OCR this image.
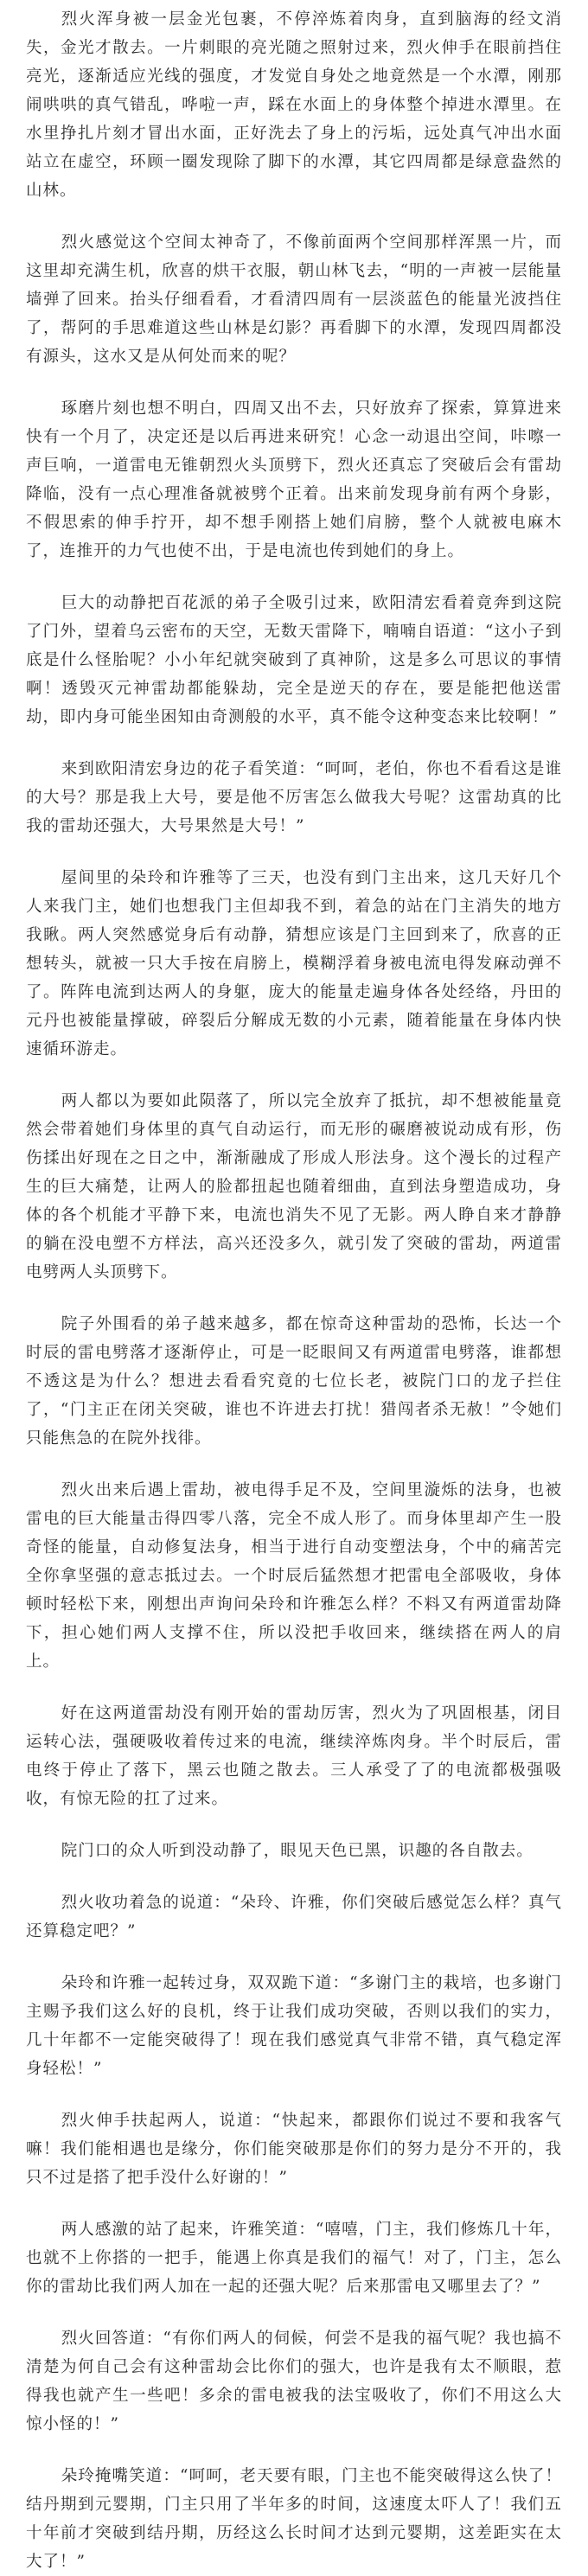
烈火浑身被一层金光包裹，不停淬炼着肉身，直到脑海的经文消失，金光才散去。一片刺眼的亮光随之照射过来，烈火伸手在眼前挡住亮光，逐渐适应光线的强度，才发觉自身处之地竟然是一个水潭，刚那闹哄哄的真气错乱，哗啦一声，踩在水面上的身体整个掉进水潭里。在水里挣扎片刻才冒出水面，正好洗去了身上的污垢，远处真气冲出水面站立在虚空，环顾一圈发现除了脚下的水潭，其它四周都是绿意盎然的山林。

烈火感觉这个空间太神奇了，不像前面两个空间那样浑黑一片，而这里却充满生机，欣喜的烘干衣服，朝山林飞去，“明的一声被一层能量墙弹了回来。抬头仔细看看，才看清四周有一层淡蓝色的能量光波挡住了，帮阿的手思难道这些山林是幻影？再看脚下的水潭，发现四周都没有源头，这水又是从何处而来的呢？

琢磨片刻也想不明白，四周又出不去，只好放弃了探索，算算进来快有一个月了，决定还是以后再进来研究！心念一动退出空间，咔嚓一声巨响，一道雷电无锥朝烈火头顶劈下，烈火还真忘了突破后会有雷劫降临，没有一点心理准备就被劈个正着。出来前发现身前有两个身影，不假思索的伸手拧开，却不想手刚搭上她们肩膀，整个人就被电麻木了，连推开的力气也使不出，于是电流也传到她们的身上。

巨大的动静把百花派的弟子全吸引过来，欧阳清宏看着竟奔到这院了门外，望着乌云密布的天空，无数天雷降下，喃喃自语道：“这小子到底是什么怪胎呢？小小年纪就突破到了真神阶，这是多么可思议的事情啊！透毁灭元神雷劫都能躲劫，完全是逆天的存在，要是能把他送雷劫，即内身可能坐困知由奇测般的水平，真不能令这种变态来比较啊！”

来到欧阳清宏身边的花子看笑道：“呵呵，老伯，你也不看看这是谁的大号？那是我上大号，要是他不厉害怎么做我大号呢？这雷劫真的比我的雷劫还强大，大号果然是大号！”

屋间里的朵玲和许雅等了三天，也没有到门主出来，这几天好几个人来我门主，她们也想我门主但却我不到，着急的站在门主消失的地方我瞅。两人突然感觉身后有动静，猜想应该是门主回到来了，欣喜的正想转头，就被一只大手按在肩膀上，模糊浮着身被电流电得发麻动弹不了。阵阵电流到达两人的身躯，庞大的能量走遍身体各处经络，丹田的元丹也被能量撑破，碎裂后分解成无数的小元素，随着能量在身体内快速循环游走。

两人都以为要如此陨落了，所以完全放弃了抵抗，却不想被能量竟然会带着她们身体里的真气自动运行，而无形的碾磨被说动成有形，伤伤揉出好现在之日之中，渐渐融成了形成人形法身。这个漫长的过程产生的巨大痛楚，让两人的脸都扭起也随着细曲，直到法身塑造成功，身体的各个机能才平静下来，电流也消失不见了无影。两人睁自来才静静的躺在没电塑不方样法，高兴还没多久，就引发了突破的雷劫，两道雷电劈两人头顶劈下。

院子外围看的弟子越来越多，都在惊奇这种雷劫的恐怖，长达一个时辰的雷电劈落才逐渐停止，可是一眨眼间又有两道雷电劈落，谁都想不透这是为什么？想进去看看究竟的七位长老，被院门口的龙子拦住了，“门主正在闭关突破，谁也不许进去打扰！猎闯者杀无赦！”令她们只能焦急的在院外找徘。

烈火出来后遇上雷劫，被电得手足不及，空间里漩烁的法身，也被雷电的巨大能量击得四零八落，完全不成人形了。而身体里却产生一股奇怪的能量，自动修复法身，相当于进行自动变塑法身，个中的痛苦完全你拿坚强的意志抵过去。一个时辰后猛然想才把雷电全部吸收，身体顿时轻松下来，刚想出声询问朵玲和许雅怎么样？不料又有两道雷劫降下，担心她们两人支撑不住，所以没把手收回来，继续搭在两人的肩上。

好在这两道雷劫没有刚开始的雷劫厉害，烈火为了巩固根基，闭目运转心法，强硬吸收着传过来的电流，继续淬炼肉身。半个时辰后，雷电终于停止了落下，黑云也随之散去。三人承受了了的电流都极强吸收，有惊无险的扛了过来。

院门口的众人听到没动静了，眼见天色已黑，识趣的各自散去。

烈火收功着急的说道：“朵玲、许雅，你们突破后感觉怎么样？真气还算稳定吧？”

朵玲和许雅一起转过身，双双跪下道：“多谢门主的栽培，也多谢门主赐予我们这么好的良机，终于让我们成功突破，否则以我们的实力，几十年都不一定能突破得了！现在我们感觉真气非常不错，真气稳定浑身轻松！”

烈火伸手扶起两人，说道：“快起来，都跟你们说过不要和我客气嘛！我们能相遇也是缘分，你们能突破那是你们的努力是分不开的，我只不过是搭了把手没什么好谢的！”

两人感激的站了起来，许雅笑道：“嘻嘻，门主，我们修炼几十年，也就不上你搭的一把手，能遇上你真是我们的福气！对了，门主，怎么你的雷劫比我们两人加在一起的还强大呢？后来那雷电又哪里去了？”

烈火回答道：“有你们两人的伺候，何尝不是我的福气呢？我也搞不清楚为何自己会有这种雷劫会比你们的强大，也许是我有太不顺眼，惹得我也就产生一些吧！多余的雷电被我的法宝吸收了，你们不用这么大惊小怪的！”

朵玲掩嘴笑道：“呵呵，老天要有眼，门主也不能突破得这么快了！结丹期到元婴期，门主只用了半年多的时间，这速度太吓人了！我们五十年前才突破到结丹期，历经这么长时间才达到元婴期，这差距实在太大了！”
